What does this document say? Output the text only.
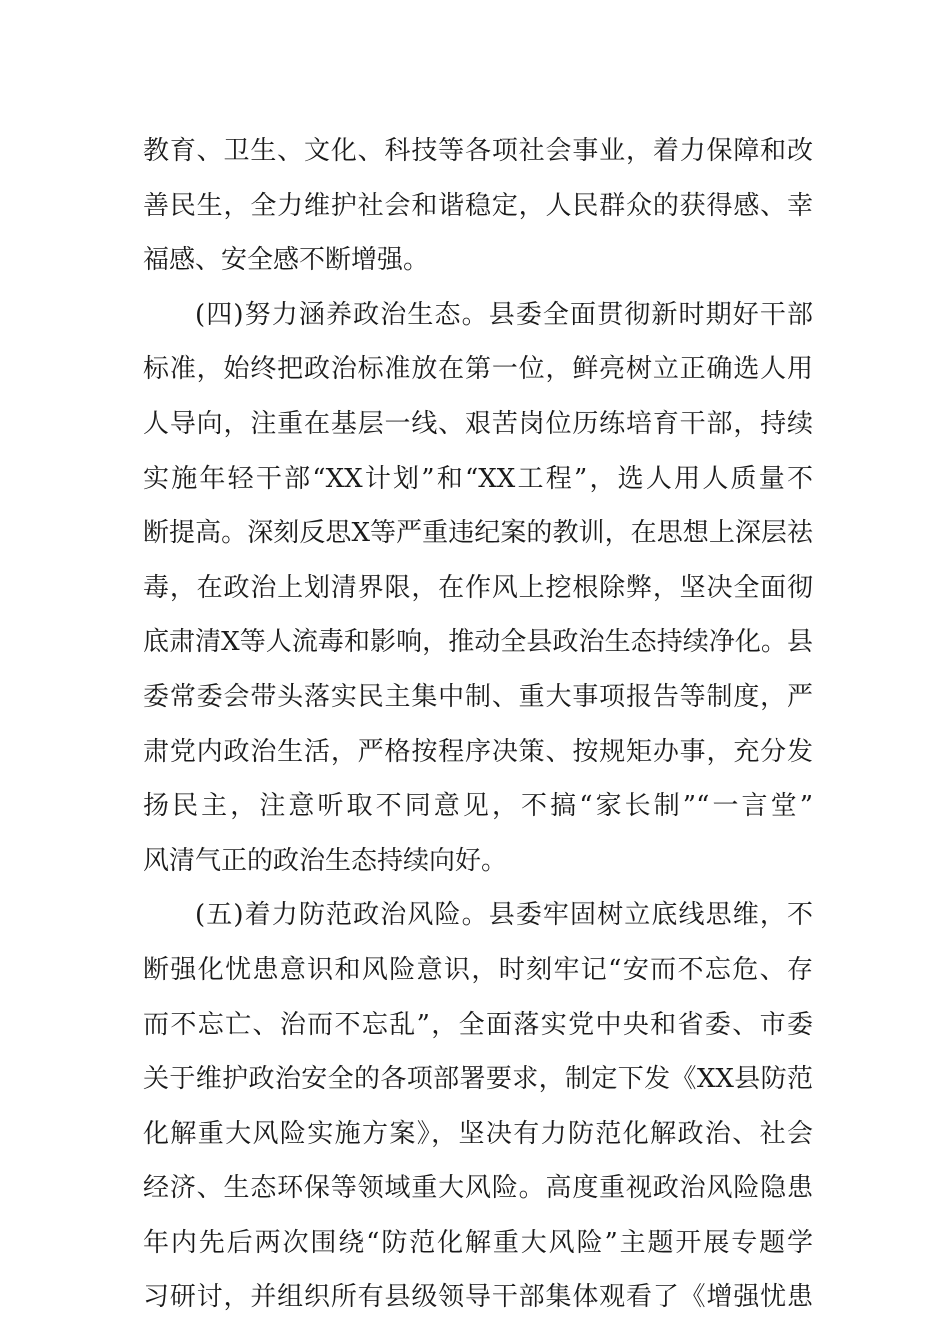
教育、卫生、文化、科技等各项社会事业，着力保障和改
善民生，全力维护社会和谐稳定，人民群众的获得感、幸
福感、安全感不断增强。
(四)努力涵养政治生态。县委全面贯彻新时期好干部
标准，始终把政治标准放在第一位，鲜亮树立正确选人用
人导向，注重在基层一线、艰苦岗位历练培育干部，持续
实施年轻干部“XX计划”和“XX工程”，选人用人质量不
断提高。深刻反思X等严重违纪案的教训，在思想上深层祛
毒，在政治上划清界限，在作风上挖根除弊，坚决全面彻
底肃清X等人流毒和影响，推动全县政治生态持续净化。县
委常委会带头落实民主集中制、重大事项报告等制度，严
肃党内政治生活，严格按程序决策、按规矩办事，充分发
扬民主，注意听取不同意见，不搞“家长制”“一言堂”
风清气正的政治生态持续向好。
(五)着力防范政治风险。县委牢固树立底线思维，不
断强化忧患意识和风险意识，时刻牢记“安而不忘危、存
而不忘亡、治而不忘乱”，全面落实党中央和省委、市委
关于维护政治安全的各项部署要求，制定下发《XX县防范
化解重大风险实施方案》，坚决有力防范化解政治、社会
经济、生态环保等领域重大风险。高度重视政治风险隐患
年内先后两次围绕“防范化解重大风险”主题开展专题学
习研讨，并组织所有县级领导干部集体观看了《增强忧患
